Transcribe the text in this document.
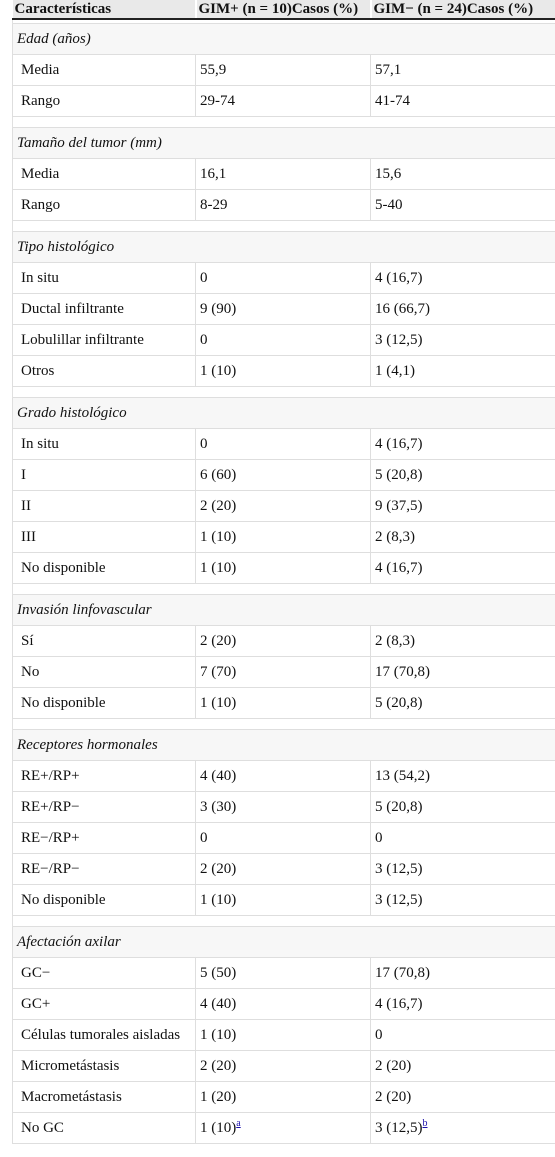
Características	GIM+ (n = 10)Casos (%)	GIM− (n = 24)Casos (%)

Edad (años)		
Media	55,9	57,1
Rango	29-74	41-74

Tamaño del tumor (mm)		
Media	16,1	15,6
Rango	8-29	5-40

Tipo histológico		
In situ	0	4 (16,7)
Ductal infiltrante	9 (90)	16 (66,7)
Lobulillar infiltrante	0	3 (12,5)
Otros	1 (10)	1 (4,1)

Grado histológico		
In situ	0	4 (16,7)
I	6 (60)	5 (20,8)
II	2 (20)	9 (37,5)
III	1 (10)	2 (8,3)
No disponible	1 (10)	4 (16,7)

Invasión linfovascular		
Sí	2 (20)	2 (8,3)
No	7 (70)	17 (70,8)
No disponible	1 (10)	5 (20,8)

Receptores hormonales		
RE+/RP+	4 (40)	13 (54,2)
RE+/RP−	3 (30)	5 (20,8)
RE−/RP+	0	0
RE−/RP−	2 (20)	3 (12,5)
No disponible	1 (10)	3 (12,5)

Afectación axilar		
GC−	5 (50)	17 (70,8)
GC+	4 (40)	4 (16,7)
Células tumorales aisladas	1 (10)	0
Micrometástasis	2 (20)	2 (20)
Macrometástasis	1 (20)	2 (20)
No GC	1 (10)$^a$	3 (12,5)$^b$
